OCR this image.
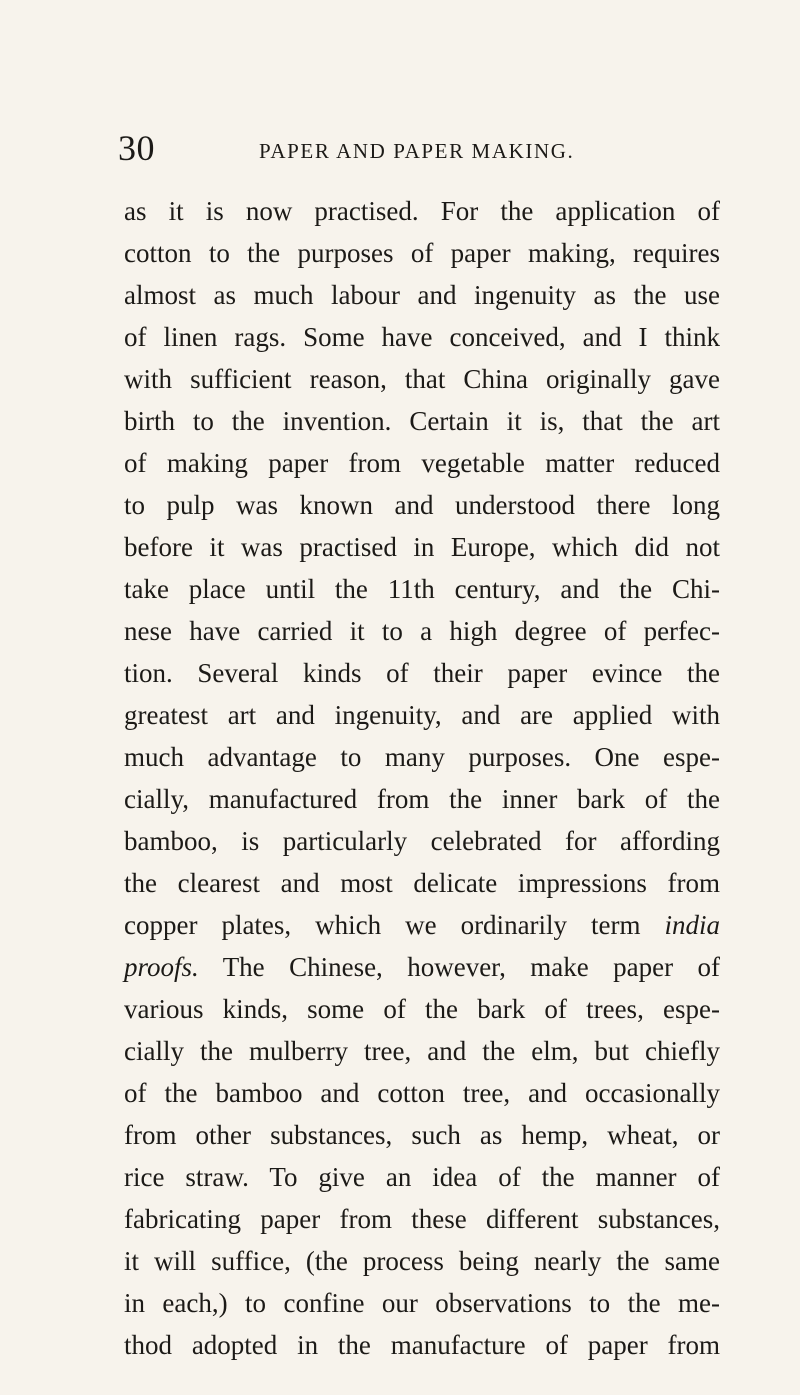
30	PAPER AND PAPER MAKING.
as it is now practised. For the application of
cotton to the purposes of paper making, requires
almost as much labour and ingenuity as the use
of linen rags. Some have conceived, and I think
with sufficient reason, that China originally gave
birth to the invention. Certain it is, that the art
of making paper from vegetable matter reduced
to pulp was known and understood there long
before it was practised in Europe, which did not
take place until the 11th century, and the Chi-
nese have carried it to a high degree of perfec-
tion. Several kinds of their paper evince the
greatest art and ingenuity, and are applied with
much advantage to many purposes. One espe-
cially, manufactured from the inner bark of the
bamboo, is particularly celebrated for affording
the clearest and most delicate impressions from
copper plates, which we ordinarily term india
proofs. The Chinese, however, make paper of
various kinds, some of the bark of trees, espe-
cially the mulberry tree, and the elm, but chiefly
of the bamboo and cotton tree, and occasionally
from other substances, such as hemp, wheat, or
rice straw. To give an idea of the manner of
fabricating paper from these different substances,
it will suffice, (the process being nearly the same
in each,) to confine our observations to the me-
thod adopted in the manufacture of paper from
